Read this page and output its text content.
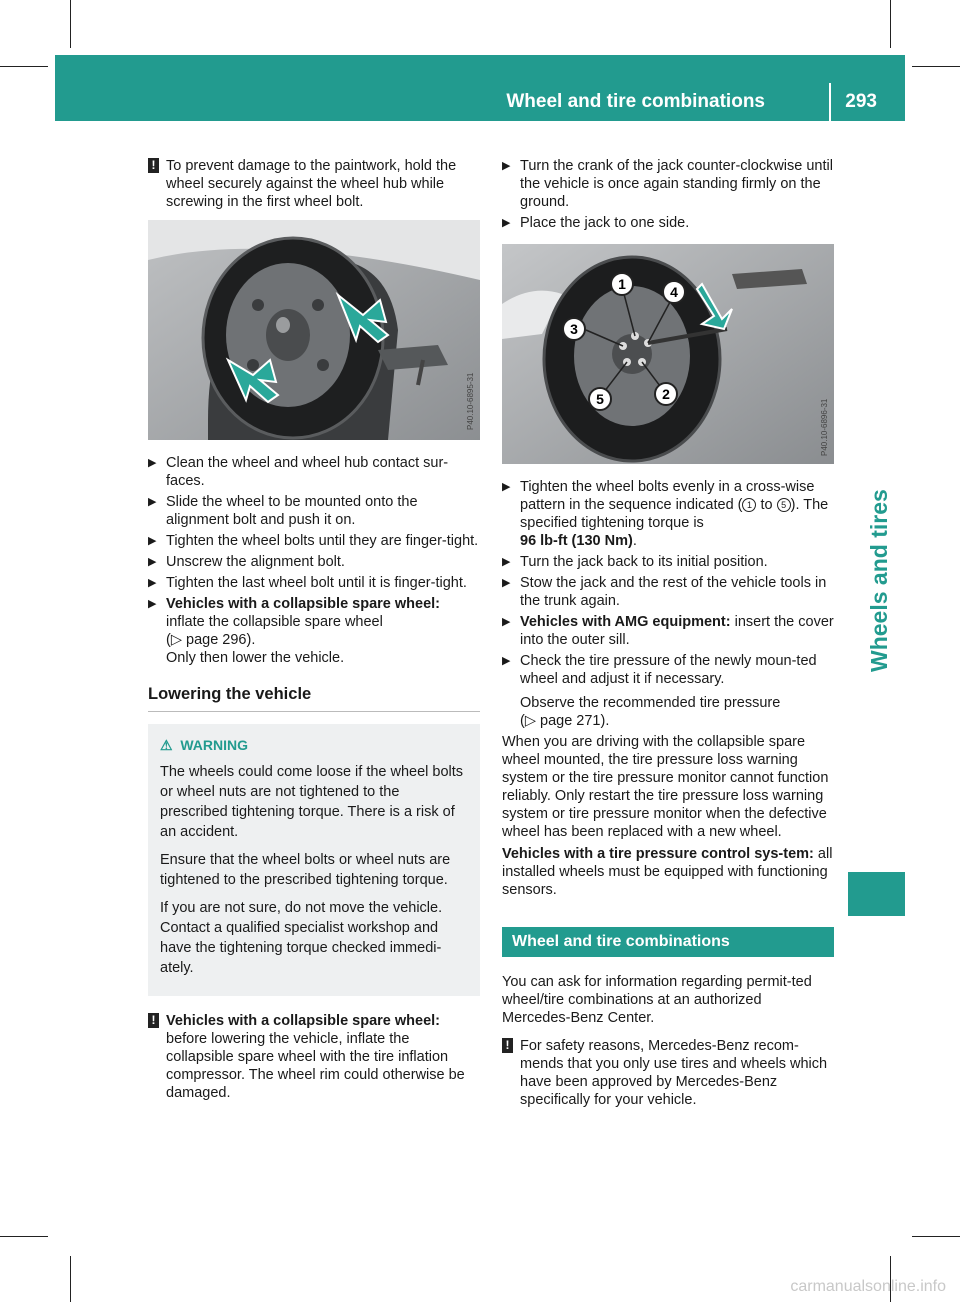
Wheel and tire combinations	293
Wheels and tires
! To prevent damage to the paintwork, hold the wheel securely against the wheel hub while screwing in the first wheel bolt.
P40.10-6895-31
▶ Clean the wheel and wheel hub contact sur-faces.
▶ Slide the wheel to be mounted onto the alignment bolt and push it on.
▶ Tighten the wheel bolts until they are finger-tight.
▶ Unscrew the alignment bolt.
▶ Tighten the last wheel bolt until it is finger-tight.
▶ Vehicles with a collapsible spare wheel:
inflate the collapsible spare wheel
(▷ page 296).
Only then lower the vehicle.
Lowering the vehicle
⚠ WARNING

The wheels could come loose if the wheel bolts or wheel nuts are not tightened to the prescribed tightening torque. There is a risk of an accident.

Ensure that the wheel bolts or wheel nuts are tightened to the prescribed tightening torque.

If you are not sure, do not move the vehicle. Contact a qualified specialist workshop and have the tightening torque checked immedi-ately.

! Vehicles with a collapsible spare wheel: before lowering the vehicle, inflate the collapsible spare wheel with the tire inflation compressor. The wheel rim could otherwise be damaged.
▶ Turn the crank of the jack counter-clockwise until the vehicle is once again standing firmly on the ground.
▶ Place the jack to one side.
1	4
3
5	2
P40.10-6896-31
▶ Tighten the wheel bolts evenly in a cross-wise pattern in the sequence indicated ( 1 to 5 ). The specified tightening torque is
96 lb-ft (130 Nm).
▶ Turn the jack back to its initial position.
▶ Stow the jack and the rest of the vehicle tools in the trunk again.
▶ Vehicles with AMG equipment: insert the cover into the outer sill.
▶ Check the tire pressure of the newly moun-ted wheel and adjust it if necessary.
Observe the recommended tire pressure
(▷ page 271).

When you are driving with the collapsible spare wheel mounted, the tire pressure loss warning system or the tire pressure monitor cannot function reliably. Only restart the tire pressure loss warning system or tire pressure monitor when the defective wheel has been replaced with a new wheel.

Vehicles with a tire pressure control sys-tem: all installed wheels must be equipped with functioning sensors.

Wheel and tire combinations

You can ask for information regarding permit-ted wheel/tire combinations at an authorized Mercedes-Benz Center.

! For safety reasons, Mercedes-Benz recom-mends that you only use tires and wheels which have been approved by Mercedes-Benz specifically for your vehicle.
carmanualsonline.info
